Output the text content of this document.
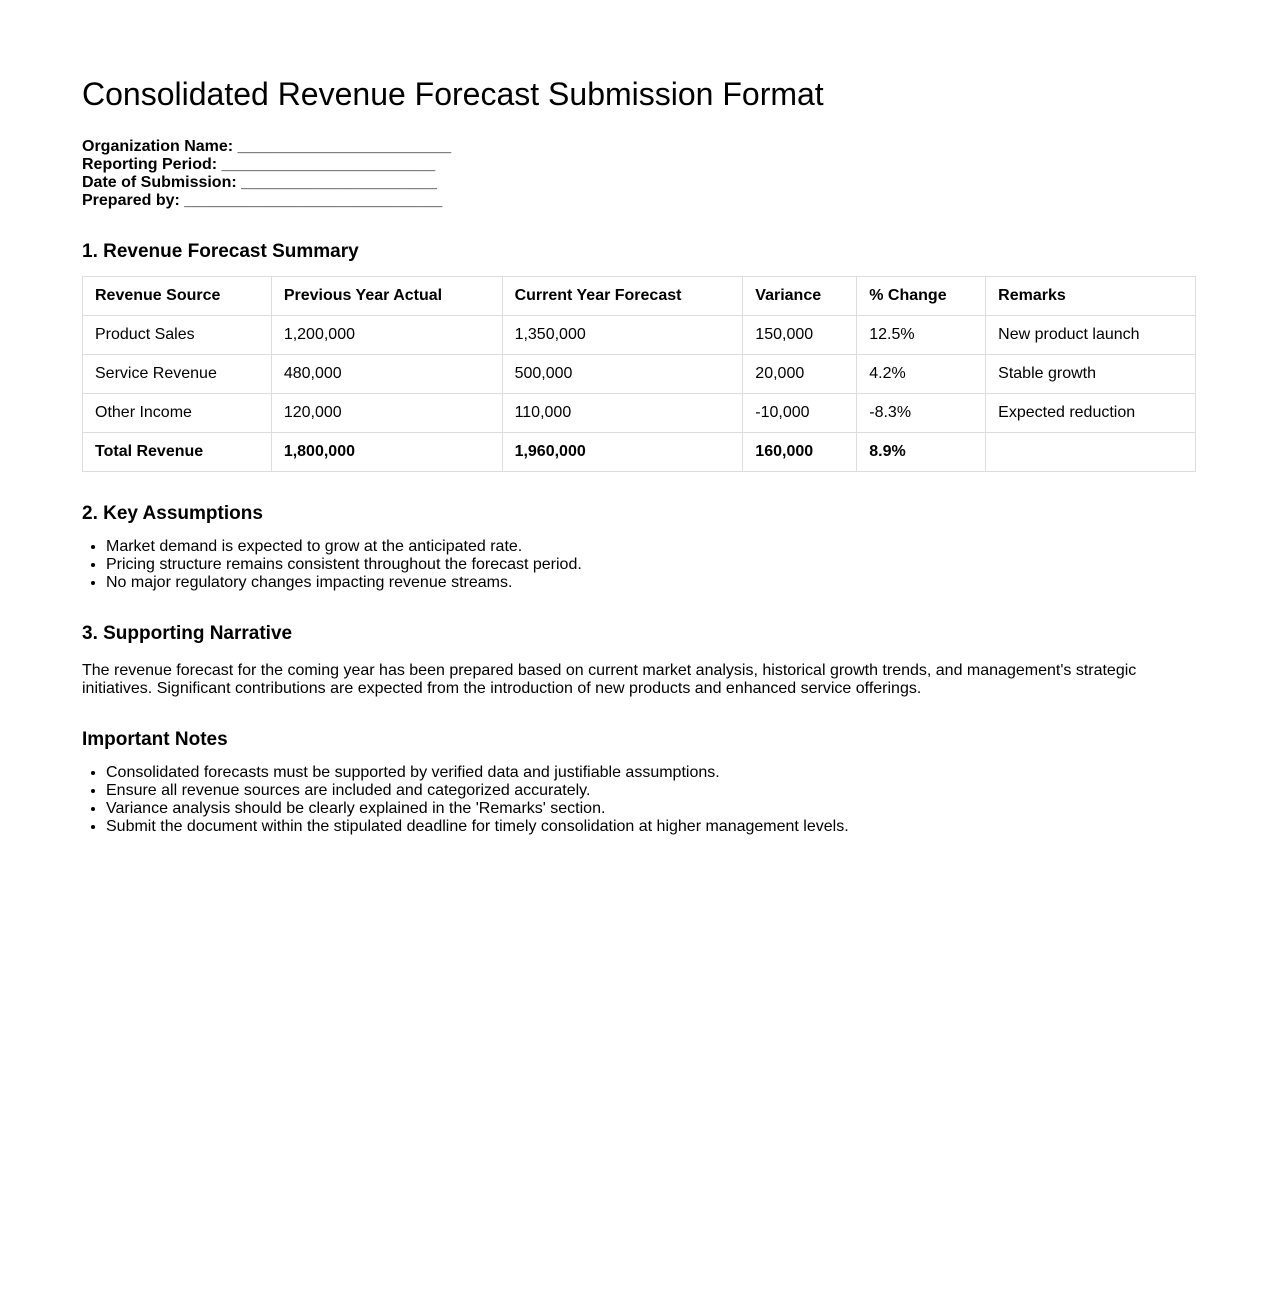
Consolidated Revenue Forecast Submission Format
Organization Name: ________________________
Reporting Period: ________________________
Date of Submission: ______________________
Prepared by: _____________________________
1. Revenue Forecast Summary
Revenue Source	Previous Year Actual	Current Year Forecast	Variance	% Change	Remarks
Product Sales	1,200,000	1,350,000	150,000	12.5%	New product launch
Service Revenue	480,000	500,000	20,000	4.2%	Stable growth
Other Income	120,000	110,000	-10,000	-8.3%	Expected reduction
Total Revenue	1,800,000	1,960,000	160,000	8.9%	
2. Key Assumptions
• Market demand is expected to grow at the anticipated rate.
• Pricing structure remains consistent throughout the forecast period.
• No major regulatory changes impacting revenue streams.
3. Supporting Narrative

The revenue forecast for the coming year has been prepared based on current market analysis, historical growth trends, and management's strategic initiatives. Significant contributions are expected from the introduction of new products and enhanced service offerings.

Important Notes
• Consolidated forecasts must be supported by verified data and justifiable assumptions.
• Ensure all revenue sources are included and categorized accurately.
• Variance analysis should be clearly explained in the 'Remarks' section.
• Submit the document within the stipulated deadline for timely consolidation at higher management levels.
